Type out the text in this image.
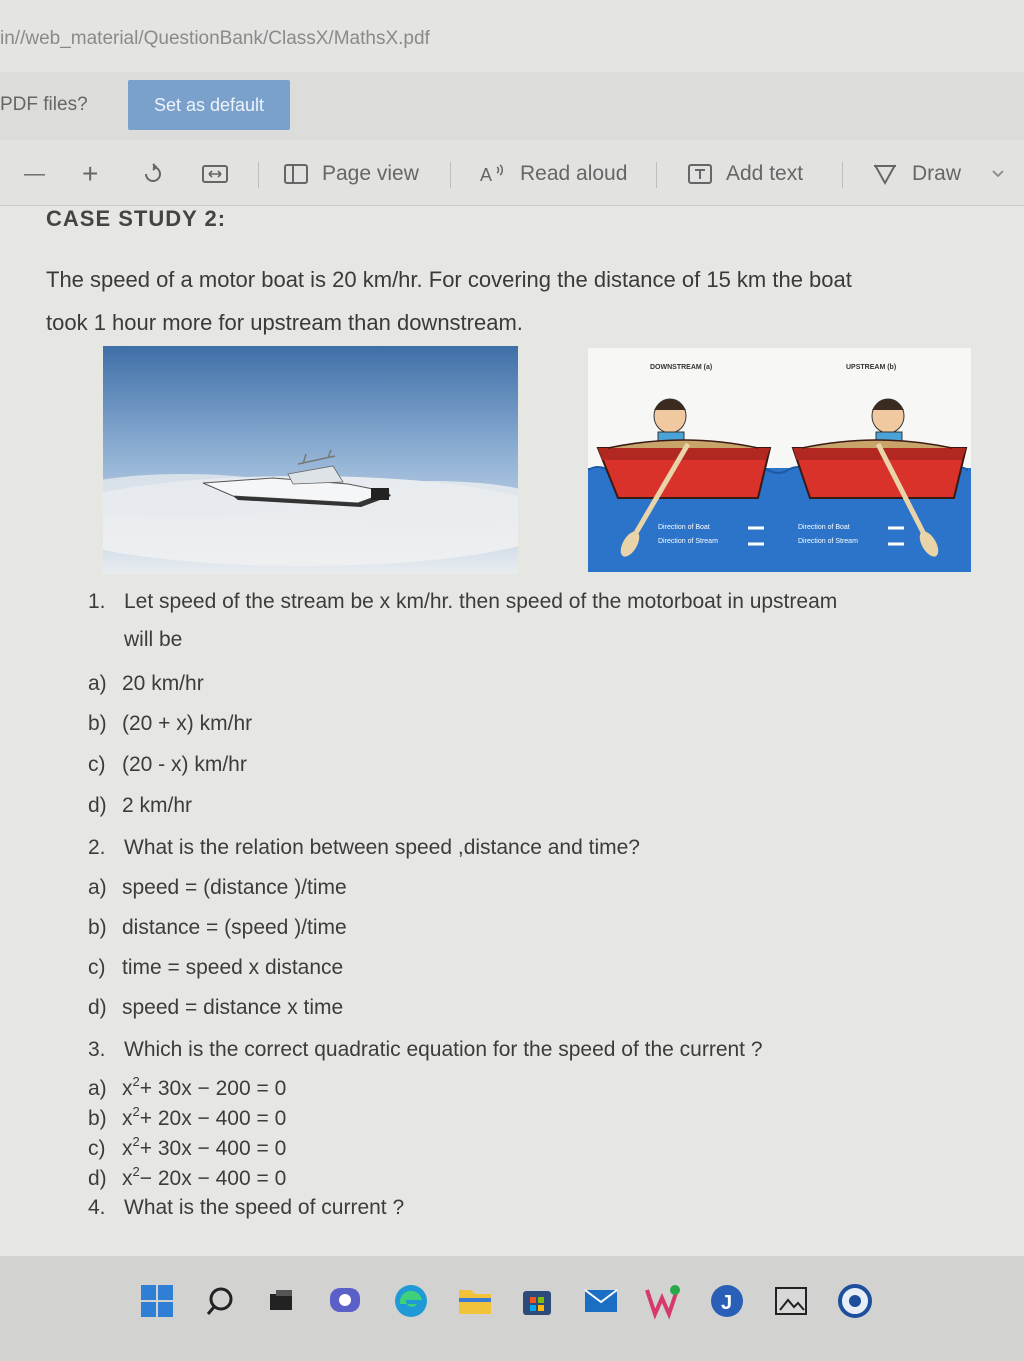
in//web_material/QuestionBank/ClassX/MathsX.pdf
PDF files?	Set as default
— +	Page view	A Read aloud	Add text	Draw
CASE STUDY 2:
The speed of a motor boat is 20 km/hr. For covering the distance of 15 km the boat
took 1 hour more for upstream than downstream.
DOWNSTREAM (a)	UPSTREAM (b)
Direction of Boat
Direction of Stream
Direction of Boat
Direction of Stream
1. Let speed of the stream be x km/hr. then speed of the motorboat in upstream
will be
a) 20 km/hr
b) (20 + x) km/hr
c) (20 - x) km/hr
d) 2 km/hr
2. What is the relation between speed ,distance and time?
a) speed = (distance )/time
b) distance = (speed )/time
c) time = speed x distance
d) speed = distance x time
3. Which is the correct quadratic equation for the speed of the current ?
a) $x^2+ 30x - 200 = 0$
b) $x^2+ 20x - 400 = 0$
c) $x^2+ 30x - 400 = 0$
d) $x^2- 20x - 400 = 0$
4. What is the speed of current ?
J
